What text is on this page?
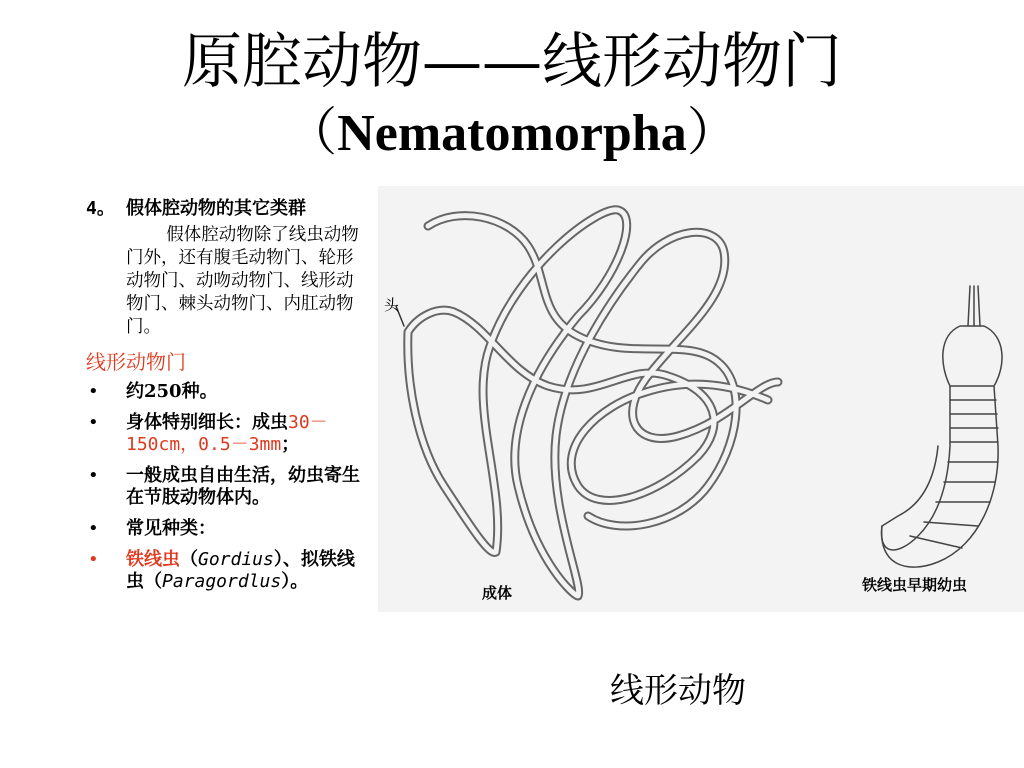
原腔动物——线形动物门
（Nematomorpha）
4。 假体腔动物的其它类群
假体腔动物除了线虫动物门外，还有腹毛动物门、轮形动物门、动吻动物门、线形动物门、棘头动物门、内肛动物门。
线形动物门
• 约250种。
• 身体特别细长：成虫30－150cm，0.5－3mm；
• 一般成虫自由生活，幼虫寄生在节肢动物体内。
• 常见种类：
• 铁线虫（Gordius）、拟铁线虫（Paragordlus）。
头
成体	铁线虫早期幼虫
线形动物
